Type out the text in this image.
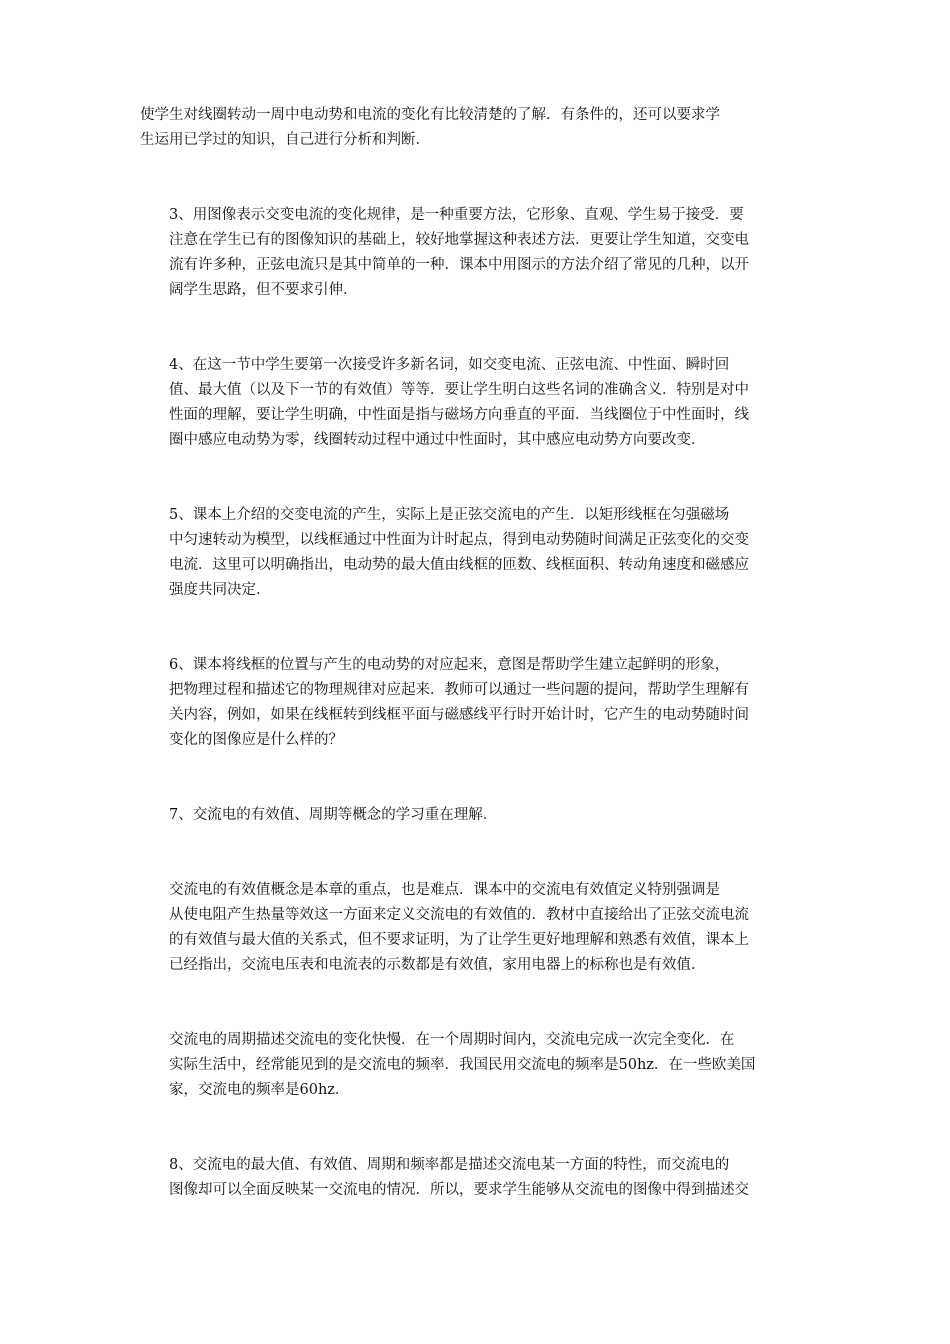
使学生对线圈转动一周中电动势和电流的变化有比较清楚的了解．有条件的，还可以要求学
生运用已学过的知识，自己进行分析和判断．

3、用图像表示交变电流的变化规律，是一种重要方法，它形象、直观、学生易于接受．要
注意在学生已有的图像知识的基础上，较好地掌握这种表述方法．更要让学生知道，交变电
流有许多种，正弦电流只是其中简单的一种．课本中用图示的方法介绍了常见的几种，以开
阔学生思路，但不要求引伸．

4、在这一节中学生要第一次接受许多新名词，如交变电流、正弦电流、中性面、瞬时回
值、最大值（以及下一节的有效值）等等．要让学生明白这些名词的准确含义．特别是对中
性面的理解，要让学生明确，中性面是指与磁场方向垂直的平面．当线圈位于中性面时，线
圈中感应电动势为零，线圈转动过程中通过中性面时，其中感应电动势方向要改变．

5、课本上介绍的交变电流的产生，实际上是正弦交流电的产生．以矩形线框在匀强磁场
中匀速转动为模型，以线框通过中性面为计时起点，得到电动势随时间满足正弦变化的交变
电流．这里可以明确指出，电动势的最大值由线框的匝数、线框面积、转动角速度和磁感应
强度共同决定．

6、课本将线框的位置与产生的电动势的对应起来，意图是帮助学生建立起鲜明的形象，
把物理过程和描述它的物理规律对应起来．教师可以通过一些问题的提问，帮助学生理解有
关内容，例如，如果在线框转到线框平面与磁感线平行时开始计时，它产生的电动势随时间
变化的图像应是什么样的？

7、交流电的有效值、周期等概念的学习重在理解．

交流电的有效值概念是本章的重点，也是难点．课本中的交流电有效值定义特别强调是
从使电阻产生热量等效这一方面来定义交流电的有效值的．教材中直接给出了正弦交流电流
的有效值与最大值的关系式，但不要求证明，为了让学生更好地理解和熟悉有效值，课本上
已经指出，交流电压表和电流表的示数都是有效值，家用电器上的标称也是有效值．

交流电的周期描述交流电的变化快慢．在一个周期时间内，交流电完成一次完全变化．在
实际生活中，经常能见到的是交流电的频率．我国民用交流电的频率是50hz．在一些欧美国
家，交流电的频率是60hz．

8、交流电的最大值、有效值、周期和频率都是描述交流电某一方面的特性，而交流电的
图像却可以全面反映某一交流电的情况．所以，要求学生能够从交流电的图像中得到描述交
